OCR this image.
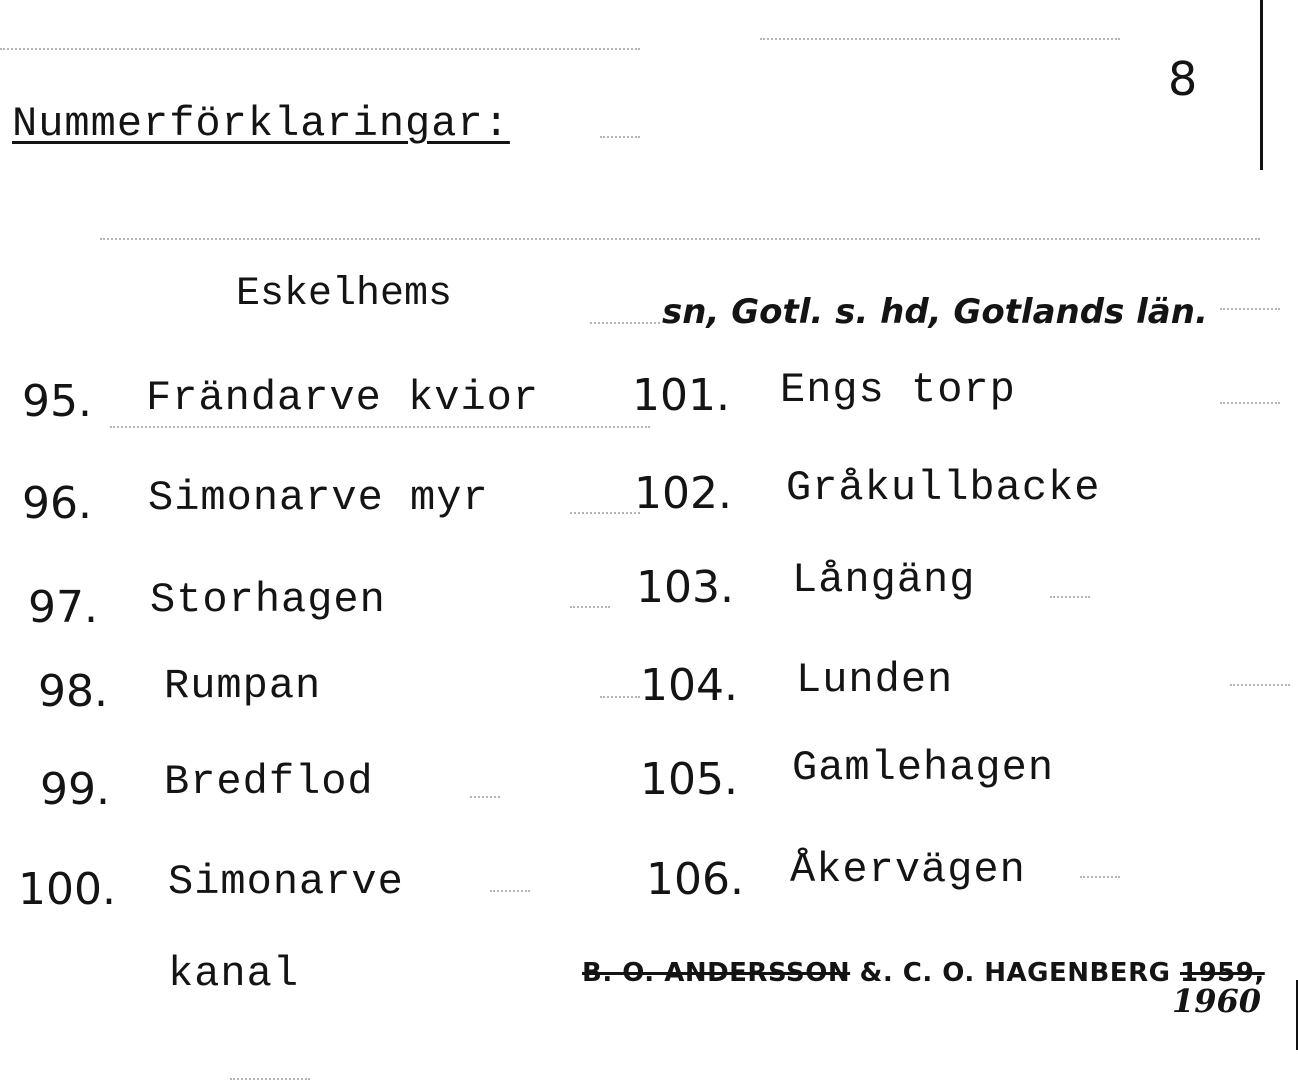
8
Nummerförklaringar:
Eskelhems	sn, Gotl. s. hd, Gotlands län.
95. Frändarve kvior
96. Simonarve myr
97. Storhagen
98. Rumpan
99. Bredflod
100. Simonarve
kanal
101. Engs torp
102. Gråkullbacke
103. Långäng
104. Lunden
105. Gamlehagen
106. Åkervägen
B. O. ANDERSSON &. C. O. HAGENBERG 1959,
1960
